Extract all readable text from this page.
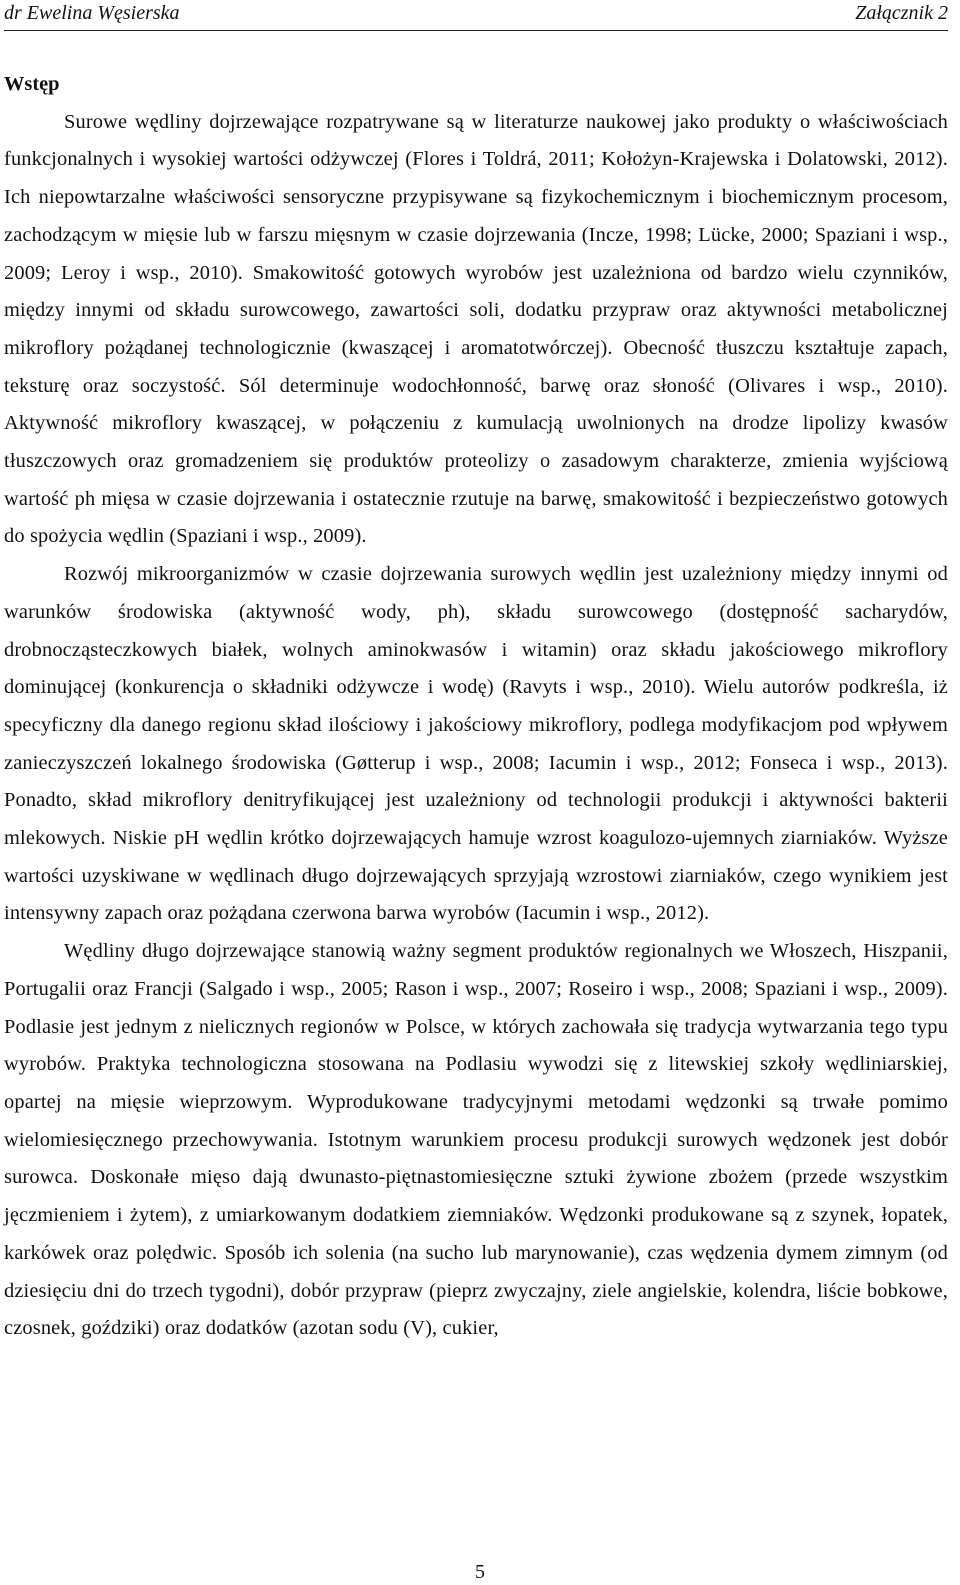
dr Ewelina Węsierska	Załącznik 2
Wstęp

Surowe wędliny dojrzewające rozpatrywane są w literaturze naukowej jako produkty o właściwościach funkcjonalnych i wysokiej wartości odżywczej (Flores i Toldrá, 2011; Kołożyn-Krajewska i Dolatowski, 2012). Ich niepowtarzalne właściwości sensoryczne przypisywane są fizykochemicznym i biochemicznym procesom, zachodzącym w mięsie lub w farszu mięsnym w czasie dojrzewania (Incze, 1998; Lücke, 2000; Spaziani i wsp., 2009; Leroy i wsp., 2010). Smakowitość gotowych wyrobów jest uzależniona od bardzo wielu czynników, między innymi od składu surowcowego, zawartości soli, dodatku przypraw oraz aktywności metabolicznej mikroflory pożądanej technologicznie (kwaszącej i aromatotwórczej). Obecność tłuszczu kształtuje zapach, teksturę oraz soczystość. Sól determinuje wodochłonność, barwę oraz słoność (Olivares i wsp., 2010). Aktywność mikroflory kwaszącej, w połączeniu z kumulacją uwolnionych na drodze lipolizy kwasów tłuszczowych oraz gromadzeniem się produktów proteolizy o zasadowym charakterze, zmienia wyjściową wartość ph mięsa w czasie dojrzewania i ostatecznie rzutuje na barwę, smakowitość i bezpieczeństwo gotowych do spożycia wędlin (Spaziani i wsp., 2009).

Rozwój mikroorganizmów w czasie dojrzewania surowych wędlin jest uzależniony między innymi od warunków środowiska (aktywność wody, ph), składu surowcowego (dostępność sacharydów, drobnocząsteczkowych białek, wolnych aminokwasów i witamin) oraz składu jakościowego mikroflory dominującej (konkurencja o składniki odżywcze i wodę) (Ravyts i wsp., 2010). Wielu autorów podkreśla, iż specyficzny dla danego regionu skład ilościowy i jakościowy mikroflory, podlega modyfikacjom pod wpływem zanieczyszczeń lokalnego środowiska (Gøtterup i wsp., 2008; Iacumin i wsp., 2012; Fonseca i wsp., 2013). Ponadto, skład mikroflory denitryfikującej jest uzależniony od technologii produkcji i aktywności bakterii mlekowych. Niskie pH wędlin krótko dojrzewających hamuje wzrost koagulozo-ujemnych ziarniaków. Wyższe wartości uzyskiwane w wędlinach długo dojrzewających sprzyjają wzrostowi ziarniaków, czego wynikiem jest intensywny zapach oraz pożądana czerwona barwa wyrobów (Iacumin i wsp., 2012).

Wędliny długo dojrzewające stanowią ważny segment produktów regionalnych we Włoszech, Hiszpanii, Portugalii oraz Francji (Salgado i wsp., 2005; Rason i wsp., 2007; Roseiro i wsp., 2008; Spaziani i wsp., 2009). Podlasie jest jednym z nielicznych regionów w Polsce, w których zachowała się tradycja wytwarzania tego typu wyrobów. Praktyka technologiczna stosowana na Podlasiu wywodzi się z litewskiej szkoły wędliniarskiej, opartej na mięsie wieprzowym. Wyprodukowane tradycyjnymi metodami wędzonki są trwałe pomimo wielomiesięcznego przechowywania. Istotnym warunkiem procesu produkcji surowych wędzonek jest dobór surowca. Doskonałe mięso dają dwunasto-piętnastomiesięczne sztuki żywione zbożem (przede wszystkim jęczmieniem i żytem), z umiarkowanym dodatkiem ziemniaków. Wędzonki produkowane są z szynek, łopatek, karkówek oraz polędwic. Sposób ich solenia (na sucho lub marynowanie), czas wędzenia dymem zimnym (od dziesięciu dni do trzech tygodni), dobór przypraw (pieprz zwyczajny, ziele angielskie, kolendra, liście bobkowe, czosnek, goździki) oraz dodatków (azotan sodu (V), cukier,

5
